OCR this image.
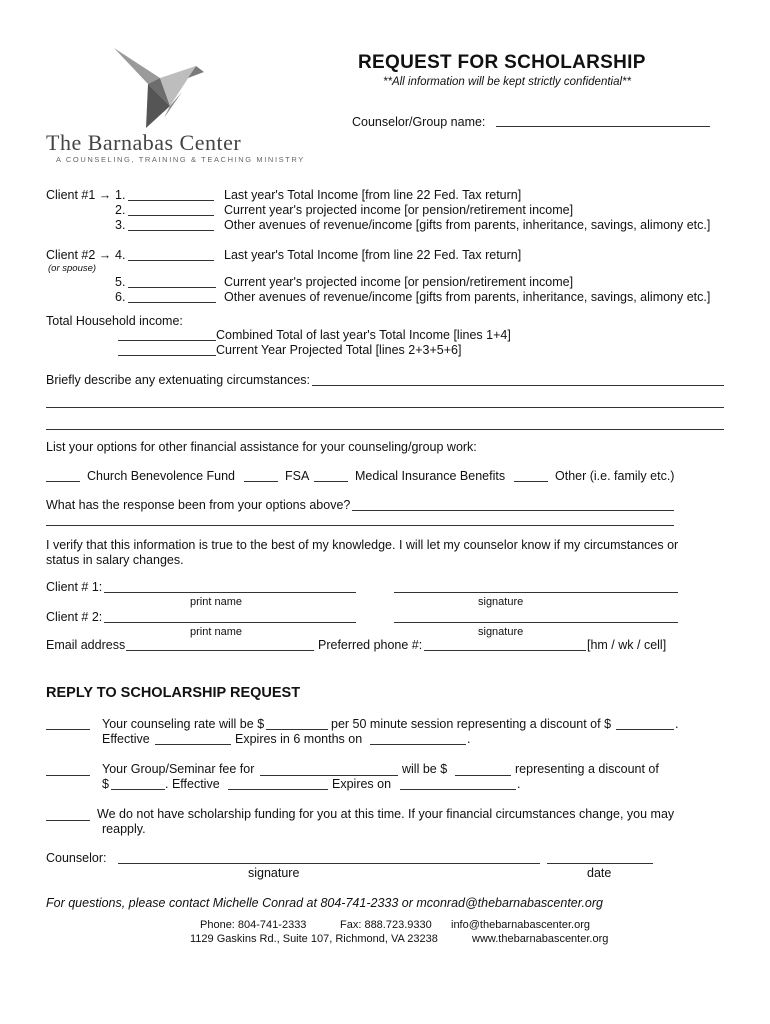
The Barnabas Center
A COUNSELING, TRAINING & TEACHING MINISTRY
REQUEST FOR SCHOLARSHIP
**All information will be kept strictly confidential**
Counselor/Group name:
Client #1 → 1.	Last year's Total Income [from line 22 Fed. Tax return]
2.	Current year's projected income [or pension/retirement income]
3.	Other avenues of revenue/income [gifts from parents, inheritance, savings, alimony etc.]
Client #2 →
(or spouse)
4.	Last year's Total Income [from line 22 Fed. Tax return]
5.	Current year's projected income [or pension/retirement income]
6.	Other avenues of revenue/income [gifts from parents, inheritance, savings, alimony etc.]
Total Household income:
Combined Total of last year's Total Income [lines 1+4]
Current Year Projected Total [lines 2+3+5+6]
Briefly describe any extenuating circumstances:
List your options for other financial assistance for your counseling/group work:
Church Benevolence Fund	FSA	Medical Insurance Benefits	Other (i.e. family etc.)
What has the response been from your options above?
I verify that this information is true to the best of my knowledge. I will let my counselor know if my circumstances or
status in salary changes.
Client # 1:
print name	signature
Client # 2:
print name	signature
Email address	Preferred phone #:	[hm / wk / cell]
REPLY TO SCHOLARSHIP REQUEST
Your counseling rate will be $	per 50 minute session representing a discount of $	.
Effective	Expires in 6 months on	.
Your Group/Seminar fee for	will be $	representing a discount of
$	. Effective	Expires on	.
We do not have scholarship funding for you at this time. If your financial circumstances change, you may
reapply.
Counselor:
signature	date
For questions, please contact Michelle Conrad at 804-741-2333 or mconrad@thebarnabascenter.org
Phone: 804-741-2333	Fax: 888.723.9330 info@thebarnabascenter.org
1129 Gaskins Rd., Suite 107, Richmond, VA 23238	www.thebarnabascenter.org
